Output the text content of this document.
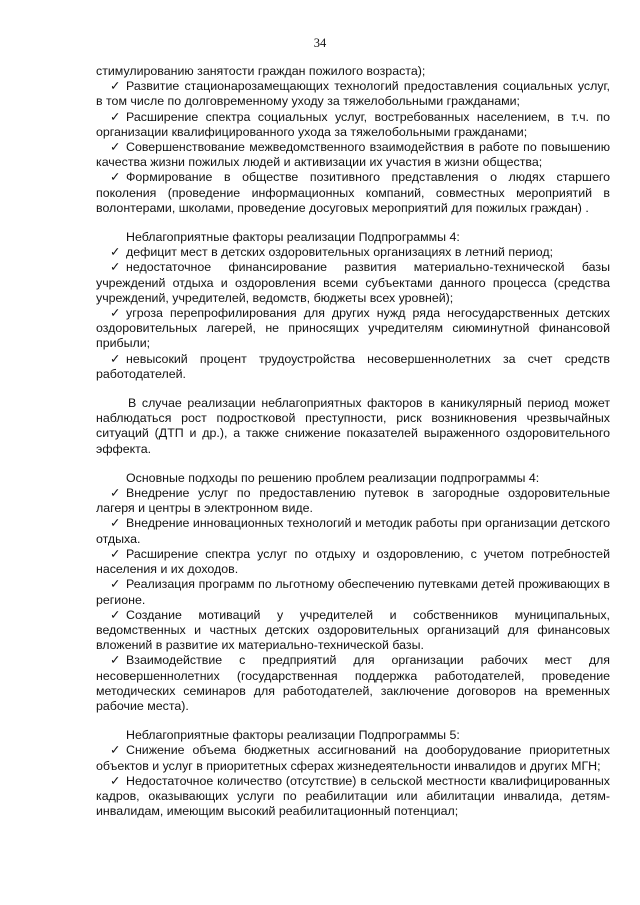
34

стимулированию занятости граждан пожилого возраста);

✓ Развитие стационарозамещающих технологий предоставления социальных услуг, в том числе по долговременному уходу за тяжелобольными гражданами;

✓ Расширение спектра социальных услуг, востребованных населением, в т.ч. по организации квалифицированного ухода за тяжелобольными гражданами;

✓ Совершенствование межведомственного взаимодействия в работе по повышению качества жизни пожилых людей и активизации их участия в жизни общества;

✓ Формирование в обществе позитивного представления о людях старшего поколения (проведение информационных компаний, совместных мероприятий в волонтерами, школами, проведение досуговых мероприятий для пожилых граждан) .

Неблагоприятные факторы реализации Подпрограммы 4:

✓ дефицит мест в детских оздоровительных организациях в летний период;

✓ недостаточное финансирование развития материально-технической базы учреждений отдыха и оздоровления всеми субъектами данного процесса (средства учреждений, учредителей, ведомств, бюджеты всех уровней);

✓ угроза перепрофилирования для других нужд ряда негосударственных детских оздоровительных лагерей, не приносящих учредителям сиюминутной финансовой прибыли;

✓ невысокий процент трудоустройства несовершеннолетних за счет средств работодателей.

В случае реализации неблагоприятных факторов в каникулярный период может наблюдаться рост подростковой преступности, риск возникновения чрезвычайных ситуаций (ДТП и др.), а также снижение показателей выраженного оздоровительного эффекта.

Основные подходы по решению проблем реализации подпрограммы 4:

✓ Внедрение услуг по предоставлению путевок в загородные оздоровительные лагеря и центры в электронном виде.

✓ Внедрение инновационных технологий и методик работы при организации детского отдыха.

✓ Расширение спектра услуг по отдыху и оздоровлению, с учетом потребностей населения и их доходов.

✓ Реализация программ по льготному обеспечению путевками детей проживающих в регионе.

✓ Создание мотиваций у учредителей и собственников муниципальных, ведомственных и частных детских оздоровительных организаций для финансовых вложений в развитие их материально-технической базы.

✓ Взаимодействие с предприятий для организации рабочих мест для несовершеннолетних (государственная поддержка работодателей, проведение методических семинаров для работодателей, заключение договоров на временных рабочие места).

Неблагоприятные факторы реализации Подпрограммы 5:

✓ Снижение объема бюджетных ассигнований на дооборудование приоритетных объектов и услуг в приоритетных сферах жизнедеятельности инвалидов и других МГН;

✓ Недостаточное количество (отсутствие) в сельской местности квалифицированных кадров, оказывающих услуги по реабилитации или абилитации инвалида, детям-инвалидам, имеющим высокий реабилитационный потенциал;
